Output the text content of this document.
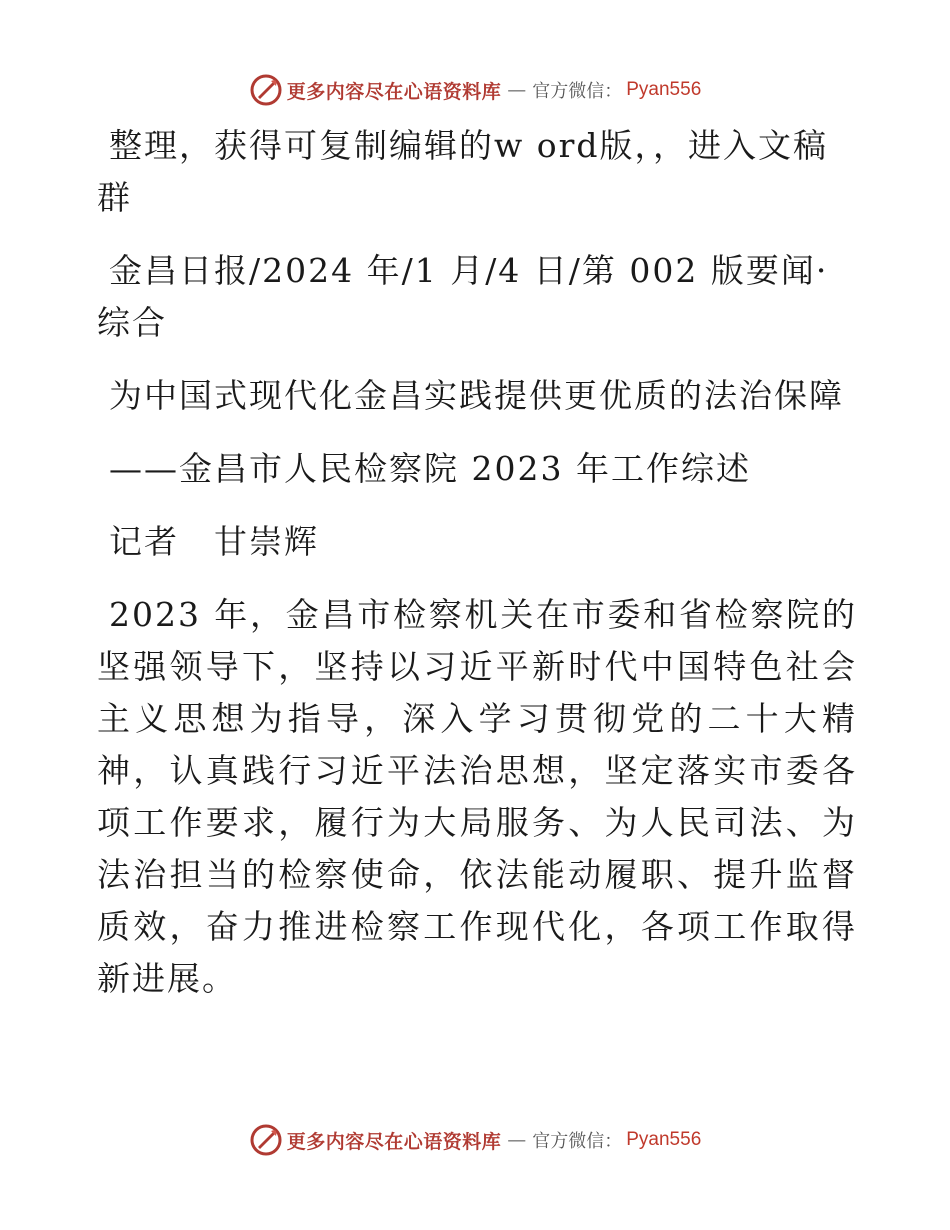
更多内容尽在心语资料库 — 官方微信： Pyan556

整理，获得可复制编辑的w ord版，，进入文稿群

金昌日报/2024 年/1 月/4 日/第 002 版要闻·综合

为中国式现代化金昌实践提供更优质的法治保障

——金昌市人民检察院 2023 年工作综述

记者　甘崇辉

2023 年，金昌市检察机关在市委和省检察院的坚强领导下，坚持以习近平新时代中国特色社会主义思想为指导，深入学习贯彻党的二十大精神，认真践行习近平法治思想，坚定落实市委各项工作要求，履行为大局服务、为人民司法、为法治担当的检察使命，依法能动履职、提升监督质效，奋力推进检察工作现代化，各项工作取得新进展。

更多内容尽在心语资料库 — 官方微信： Pyan556
